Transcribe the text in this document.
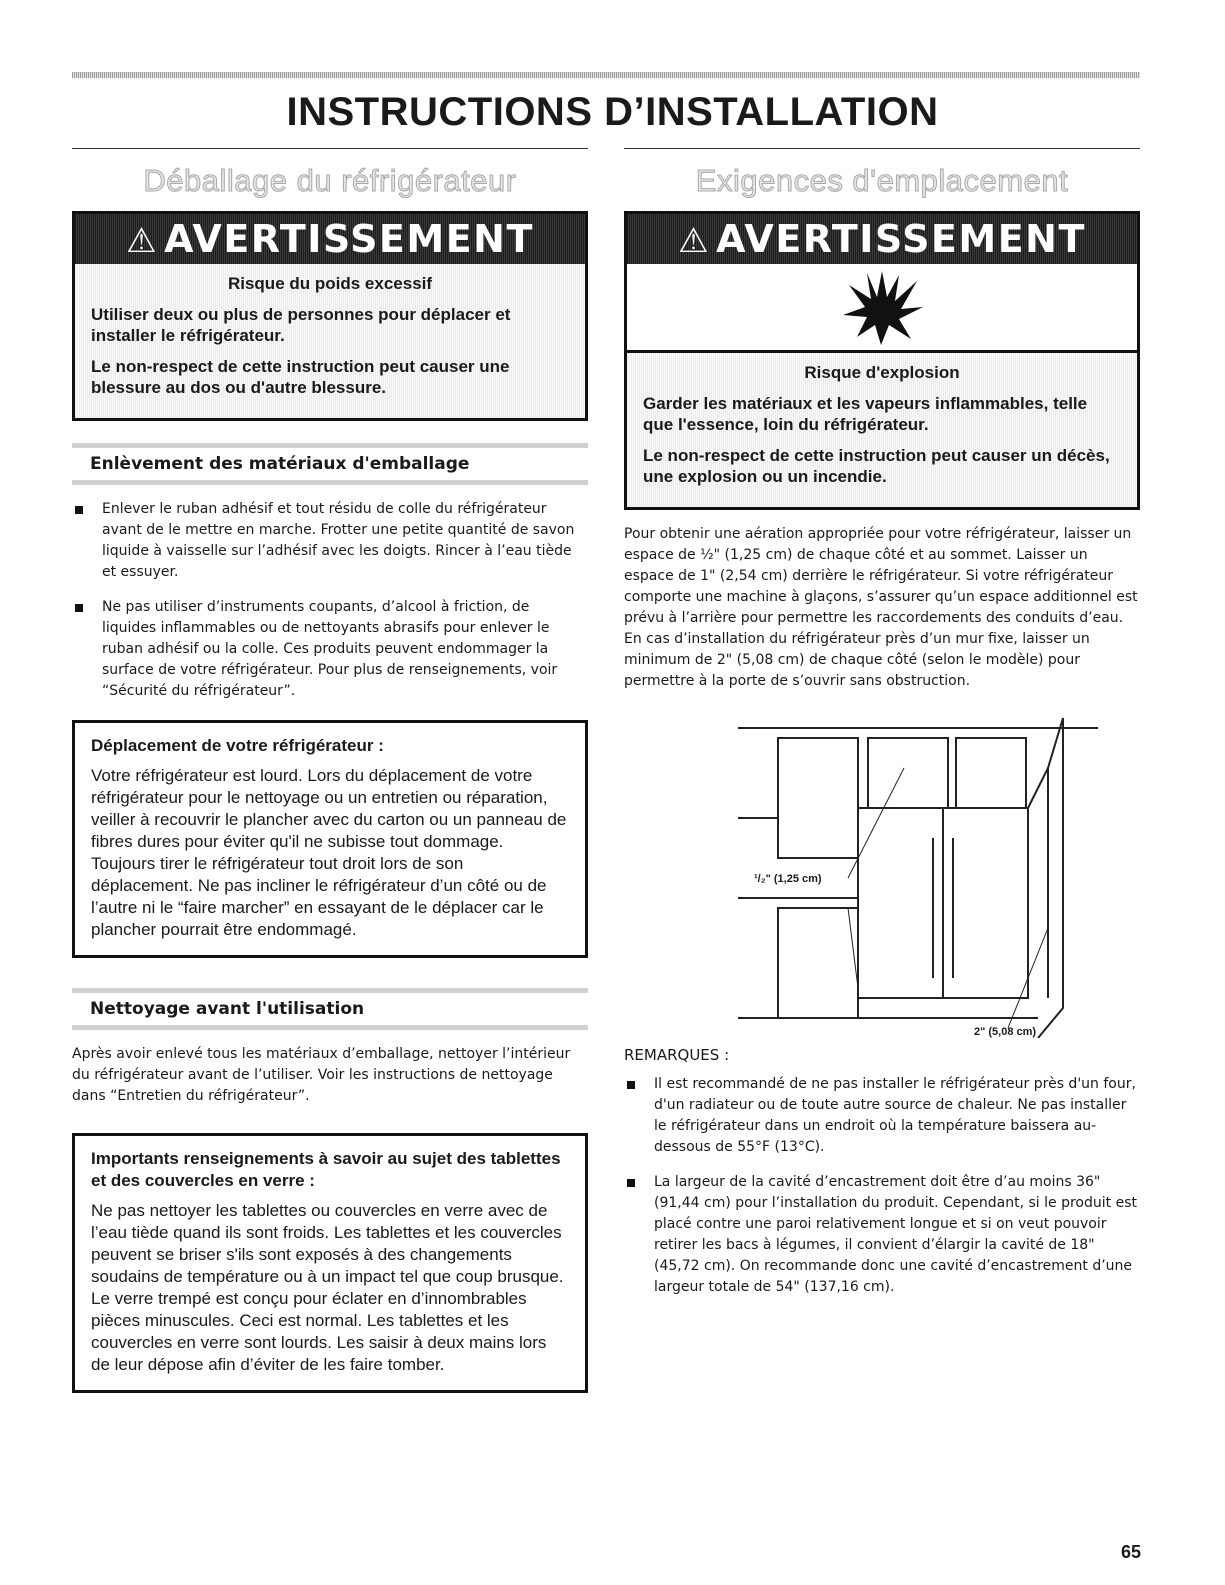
INSTRUCTIONS D’INSTALLATION
Déballage du réfrigérateur
⚠ AVERTISSEMENT

Risque du poids excessif

Utiliser deux ou plus de personnes pour déplacer et installer le réfrigérateur.

Le non-respect de cette instruction peut causer une blessure au dos ou d'autre blessure.

Enlèvement des matériaux d'emballage
Enlever le ruban adhésif et tout résidu de colle du réfrigérateur avant de le mettre en marche. Frotter une petite quantité de savon liquide à vaisselle sur l’adhésif avec les doigts. Rincer à l’eau tiède et essuyer.
Ne pas utiliser d’instruments coupants, d’alcool à friction, de liquides inflammables ou de nettoyants abrasifs pour enlever le ruban adhésif ou la colle. Ces produits peuvent endommager la surface de votre réfrigérateur. Pour plus de renseignements, voir “Sécurité du réfrigérateur”.

Déplacement de votre réfrigérateur :

Votre réfrigérateur est lourd. Lors du déplacement de votre réfrigérateur pour le nettoyage ou un entretien ou réparation, veiller à recouvrir le plancher avec du carton ou un panneau de fibres dures pour éviter qu'il ne subisse tout dommage. Toujours tirer le réfrigérateur tout droit lors de son déplacement. Ne pas incliner le réfrigérateur d’un côté ou de l’autre ni le “faire marcher” en essayant de le déplacer car le plancher pourrait être endommagé.

Nettoyage avant l'utilisation

Après avoir enlevé tous les matériaux d’emballage, nettoyer l’intérieur du réfrigérateur avant de l’utiliser. Voir les instructions de nettoyage dans “Entretien du réfrigérateur”.

Importants renseignements à savoir au sujet des tablettes et des couvercles en verre :

Ne pas nettoyer les tablettes ou couvercles en verre avec de l’eau tiède quand ils sont froids. Les tablettes et les couvercles peuvent se briser s'ils sont exposés à des changements soudains de température ou à un impact tel que coup brusque. Le verre trempé est conçu pour éclater en d’innombrables pièces minuscules. Ceci est normal. Les tablettes et les couvercles en verre sont lourds. Les saisir à deux mains lors de leur dépose afin d’éviter de les faire tomber.

Exigences d'emplacement
⚠ AVERTISSEMENT

Risque d'explosion

Garder les matériaux et les vapeurs inflammables, telle que l'essence, loin du réfrigérateur.

Le non-respect de cette instruction peut causer un décès, une explosion ou un incendie.

Pour obtenir une aération appropriée pour votre réfrigérateur, laisser un espace de ½" (1,25 cm) de chaque côté et au sommet. Laisser un espace de 1" (2,54 cm) derrière le réfrigérateur. Si votre réfrigérateur comporte une machine à glaçons, s’assurer qu’un espace additionnel est prévu à l’arrière pour permettre les raccordements des conduits d’eau. En cas d’installation du réfrigérateur près d’un mur fixe, laisser un minimum de 2" (5,08 cm) de chaque côté (selon le modèle) pour permettre à la porte de s’ouvrir sans obstruction.

¹/₂" (1,25 cm)
2" (5,08 cm)

REMARQUES :

Il est recommandé de ne pas installer le réfrigérateur près d'un four, d'un radiateur ou de toute autre source de chaleur. Ne pas installer le réfrigérateur dans un endroit où la température baissera au-dessous de 55°F (13°C).
La largeur de la cavité d’encastrement doit être d’au moins 36" (91,44 cm) pour l’installation du produit. Cependant, si le produit est placé contre une paroi relativement longue et si on veut pouvoir retirer les bacs à légumes, il convient d’élargir la cavité de 18" (45,72 cm). On recommande donc une cavité d’encastrement d’une largeur totale de 54" (137,16 cm).
65
